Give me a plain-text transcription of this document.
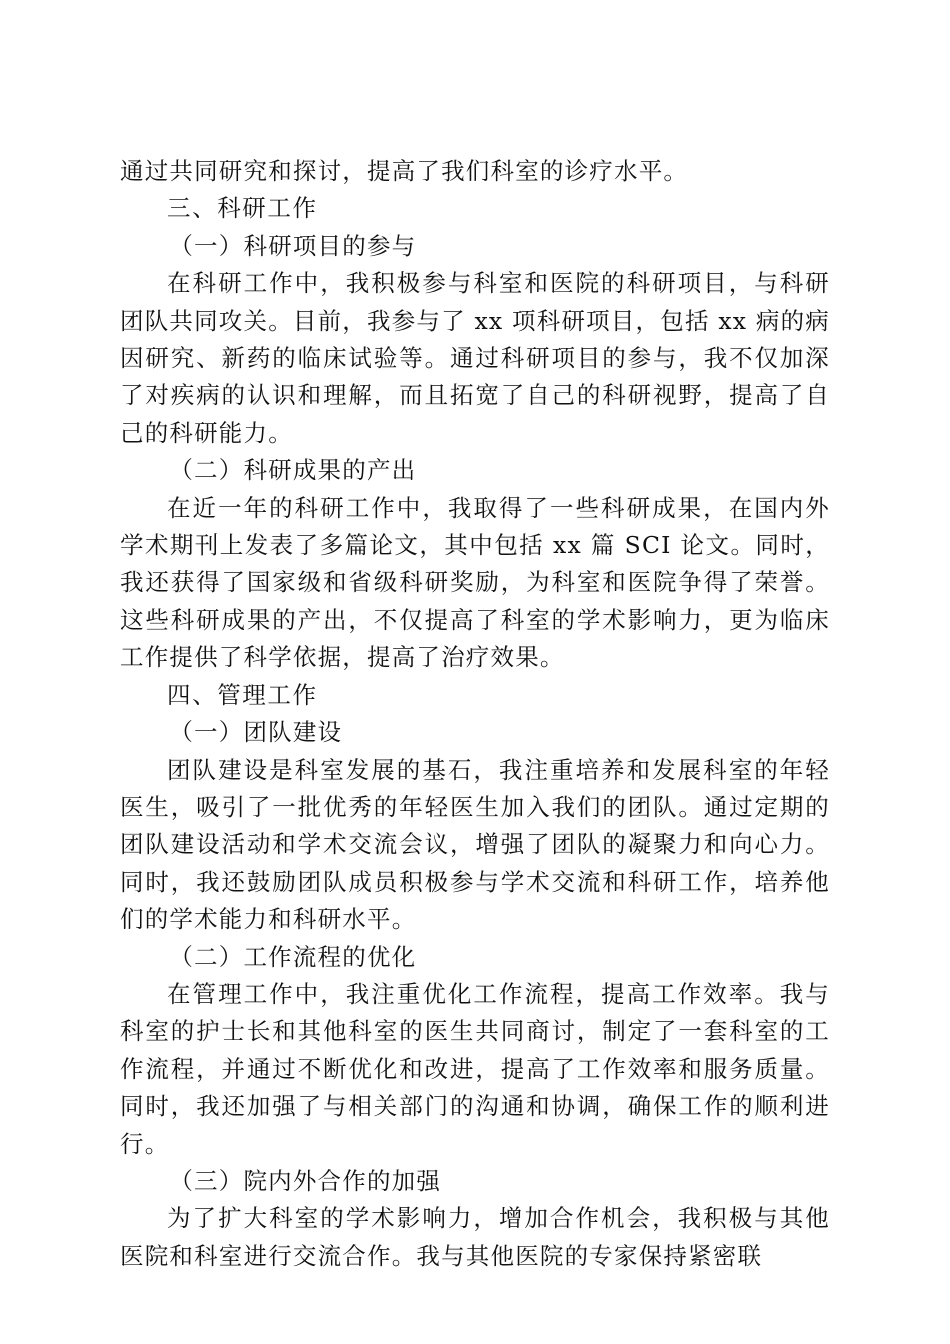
通过共同研究和探讨，提高了我们科室的诊疗水平。

三、科研工作

（一）科研项目的参与

在科研工作中，我积极参与科室和医院的科研项目，与科研团队共同攻关。目前，我参与了 xx 项科研项目，包括 xx 病的病因研究、新药的临床试验等。通过科研项目的参与，我不仅加深了对疾病的认识和理解，而且拓宽了自己的科研视野，提高了自己的科研能力。

（二）科研成果的产出

在近一年的科研工作中，我取得了一些科研成果，在国内外学术期刊上发表了多篇论文，其中包括 xx 篇 SCI 论文。同时，我还获得了国家级和省级科研奖励，为科室和医院争得了荣誉。这些科研成果的产出，不仅提高了科室的学术影响力，更为临床工作提供了科学依据，提高了治疗效果。

四、管理工作

（一）团队建设

团队建设是科室发展的基石，我注重培养和发展科室的年轻医生，吸引了一批优秀的年轻医生加入我们的团队。通过定期的团队建设活动和学术交流会议，增强了团队的凝聚力和向心力。同时，我还鼓励团队成员积极参与学术交流和科研工作，培养他们的学术能力和科研水平。

（二）工作流程的优化

在管理工作中，我注重优化工作流程，提高工作效率。我与科室的护士长和其他科室的医生共同商讨，制定了一套科室的工作流程，并通过不断优化和改进，提高了工作效率和服务质量。同时，我还加强了与相关部门的沟通和协调，确保工作的顺利进行。

（三）院内外合作的加强

为了扩大科室的学术影响力，增加合作机会，我积极与其他医院和科室进行交流合作。我与其他医院的专家保持紧密联
